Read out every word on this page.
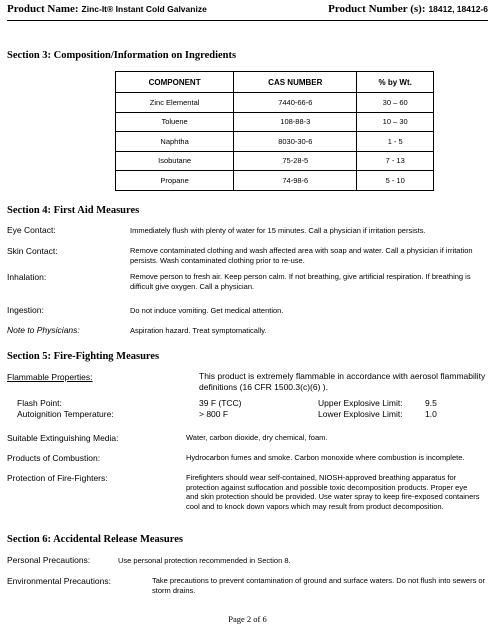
Product Name: Zinc-It® Instant Cold Galvanize	Product Number (s): 18412, 18412-6
Section 3: Composition/Information on Ingredients
COMPONENT	CAS NUMBER	% by Wt.
Zinc Elemental	7440-66-6	30 – 60
Toluene	108-88-3	10 – 30
Naphtha	8030-30-6	1 - 5
Isobutane	75-28-5	7 - 13
Propane	74-98-6	5 - 10
Section 4: First Aid Measures
Eye Contact:	Immediately flush with plenty of water for 15 minutes. Call a physician if irritation persists.
Skin Contact:	Remove contaminated clothing and wash affected area with soap and water. Call a physician if irritation persists. Wash contaminated clothing prior to re-use.
Inhalation:	Remove person to fresh air. Keep person calm. If not breathing, give artificial respiration. If breathing is difficult give oxygen. Call a physician.
Ingestion:	Do not induce vomiting. Get medical attention.
Note to Physicians:	Aspiration hazard. Treat symptomatically.
Section 5: Fire-Fighting Measures
Flammable Properties:	This product is extremely flammable in accordance with aerosol flammability definitions (16 CFR 1500.3(c)(6) ).
Flash Point:	39 F (TCC)	Upper Explosive Limit:	9.5
Autoignition Temperature:	> 800 F	Lower Explosive Limit:	1.0
Suitable Extinguishing Media:	Water, carbon dioxide, dry chemical, foam.
Products of Combustion:	Hydrocarbon fumes and smoke. Carbon monoxide where combustion is incomplete.
Protection of Fire-Fighters:	Firefighters should wear self-contained, NIOSH-approved breathing apparatus for protection against suffocation and possible toxic decomposition products. Proper eye and skin protection should be provided. Use water spray to keep fire-exposed containers cool and to knock down vapors which may result from product decomposition.
Section 6: Accidental Release Measures
Personal Precautions:	Use personal protection recommended in Section 8.
Environmental Precautions:	Take precautions to prevent contamination of ground and surface waters. Do not flush into sewers or storm drains.
Page 2 of 6
